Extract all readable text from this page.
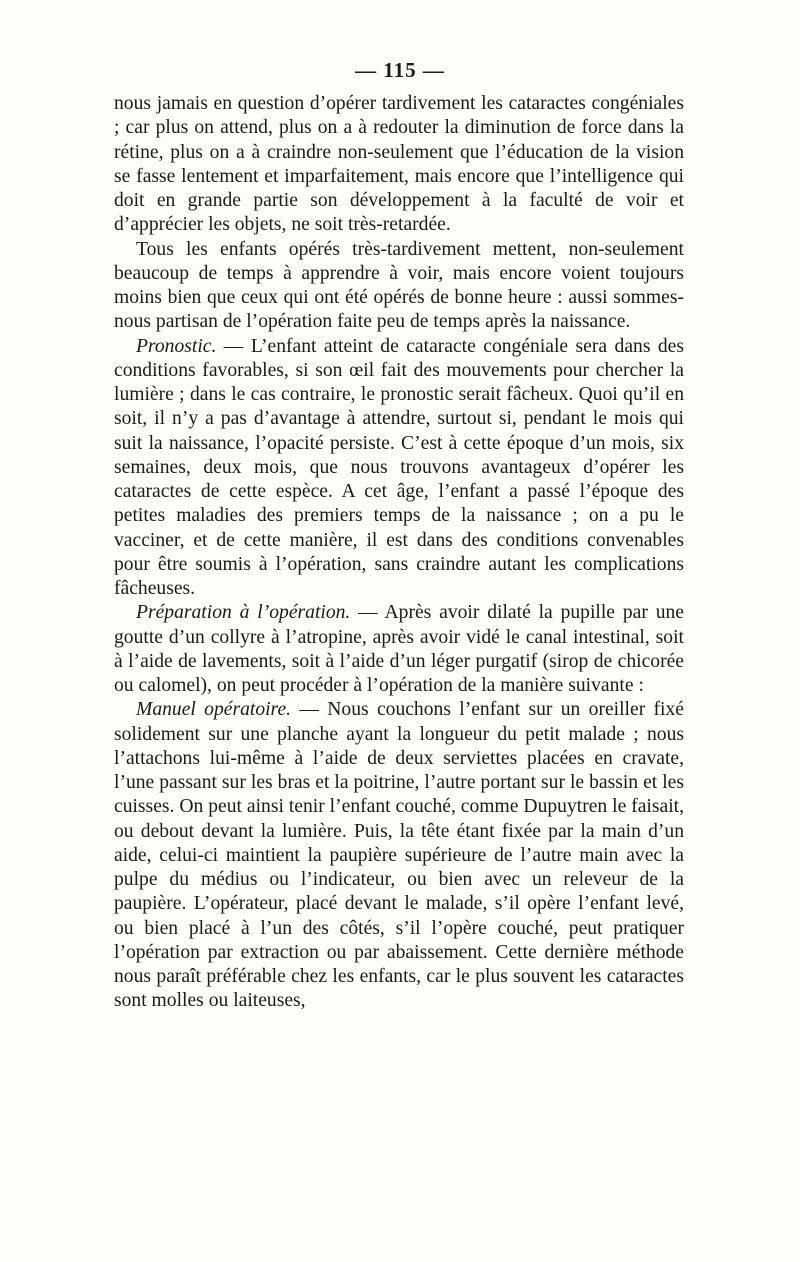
— 115 —

nous jamais en question d’opérer tardivement les cataractes congéniales ; car plus on attend, plus on a à redouter la diminution de force dans la rétine, plus on a à craindre non-seulement que l’éducation de la vision se fasse lentement et imparfaitement, mais encore que l’intelligence qui doit en grande partie son développement à la faculté de voir et d’apprécier les objets, ne soit très-retardée.

Tous les enfants opérés très-tardivement mettent, non-seulement beaucoup de temps à apprendre à voir, mais encore voient toujours moins bien que ceux qui ont été opérés de bonne heure : aussi sommes-nous partisan de l’opération faite peu de temps après la naissance.

Pronostic. — L’enfant atteint de cataracte congéniale sera dans des conditions favorables, si son œil fait des mouvements pour chercher la lumière ; dans le cas contraire, le pronostic serait fâcheux. Quoi qu’il en soit, il n’y a pas d’avantage à attendre, surtout si, pendant le mois qui suit la naissance, l’opacité persiste. C’est à cette époque d’un mois, six semaines, deux mois, que nous trouvons avantageux d’opérer les cataractes de cette espèce. A cet âge, l’enfant a passé l’époque des petites maladies des premiers temps de la naissance ; on a pu le vacciner, et de cette manière, il est dans des conditions convenables pour être soumis à l’opération, sans craindre autant les complications fâcheuses.

Préparation à l’opération. — Après avoir dilaté la pupille par une goutte d’un collyre à l’atropine, après avoir vidé le canal intestinal, soit à l’aide de lavements, soit à l’aide d’un léger purgatif (sirop de chicorée ou calomel), on peut procéder à l’opération de la manière suivante :

Manuel opératoire. — Nous couchons l’enfant sur un oreiller fixé solidement sur une planche ayant la longueur du petit malade ; nous l’attachons lui-même à l’aide de deux serviettes placées en cravate, l’une passant sur les bras et la poitrine, l’autre portant sur le bassin et les cuisses. On peut ainsi tenir l’enfant couché, comme Dupuytren le faisait, ou debout devant la lumière. Puis, la tête étant fixée par la main d’un aide, celui-ci maintient la paupière supérieure de l’autre main avec la pulpe du médius ou l’indicateur, ou bien avec un releveur de la paupière. L’opérateur, placé devant le malade, s’il opère l’enfant levé, ou bien placé à l’un des côtés, s’il l’opère couché, peut pratiquer l’opération par extraction ou par abaissement. Cette dernière méthode nous paraît préférable chez les enfants, car le plus souvent les cataractes sont molles ou laiteuses,
